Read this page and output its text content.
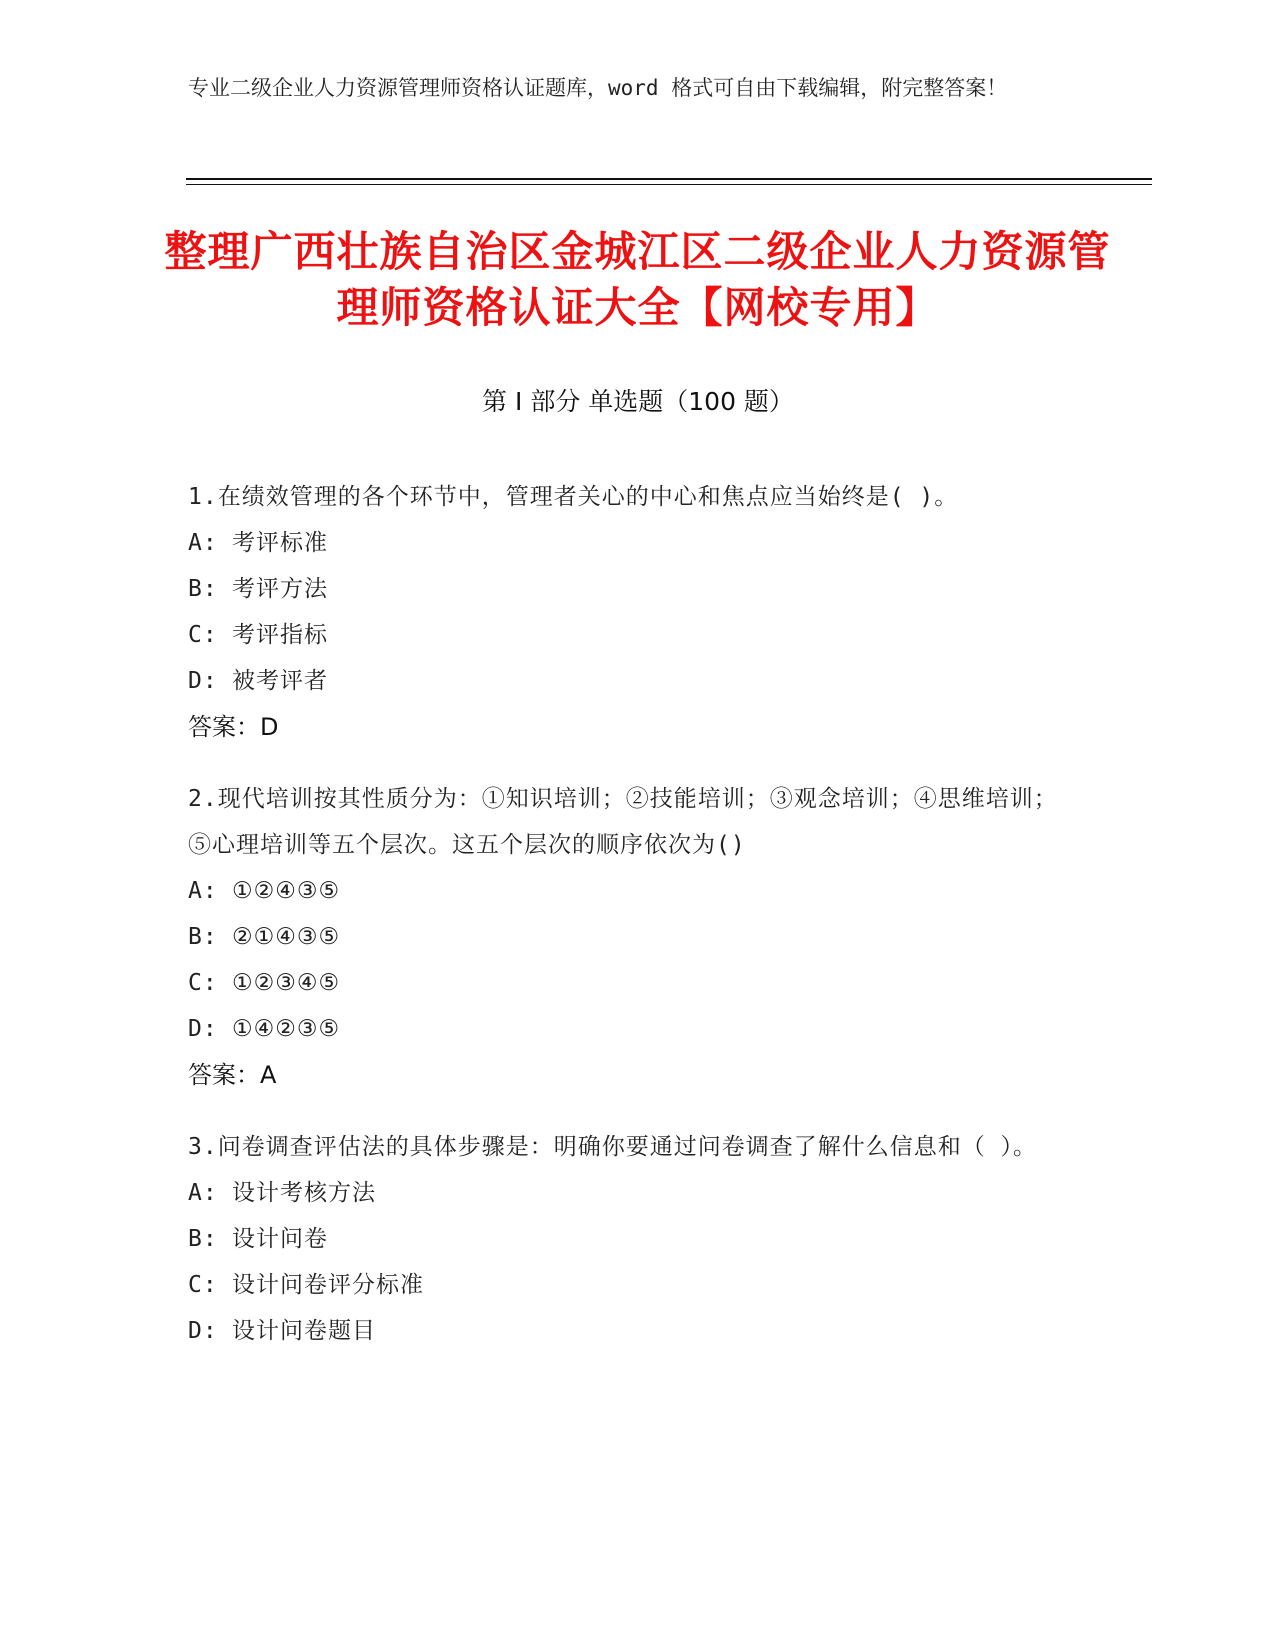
专业二级企业人力资源管理师资格认证题库，word 格式可自由下载编辑，附完整答案！
整理广西壮族自治区金城江区二级企业人力资源管理师资格认证大全【网校专用】
第 I 部分 单选题（100 题）
1.在绩效管理的各个环节中，管理者关心的中心和焦点应当始终是( )。
A: 考评标准
B: 考评方法
C: 考评指标
D: 被考评者
答案：D
2.现代培训按其性质分为：①知识培训；②技能培训；③观念培训；④思维培训；⑤心理培训等五个层次。这五个层次的顺序依次为()
A: ①②④③⑤
B: ②①④③⑤
C: ①②③④⑤
D: ①④②③⑤
答案：A
3.问卷调查评估法的具体步骤是：明确你要通过问卷调查了解什么信息和（ ）。
A: 设计考核方法
B: 设计问卷
C: 设计问卷评分标准
D: 设计问卷题目
